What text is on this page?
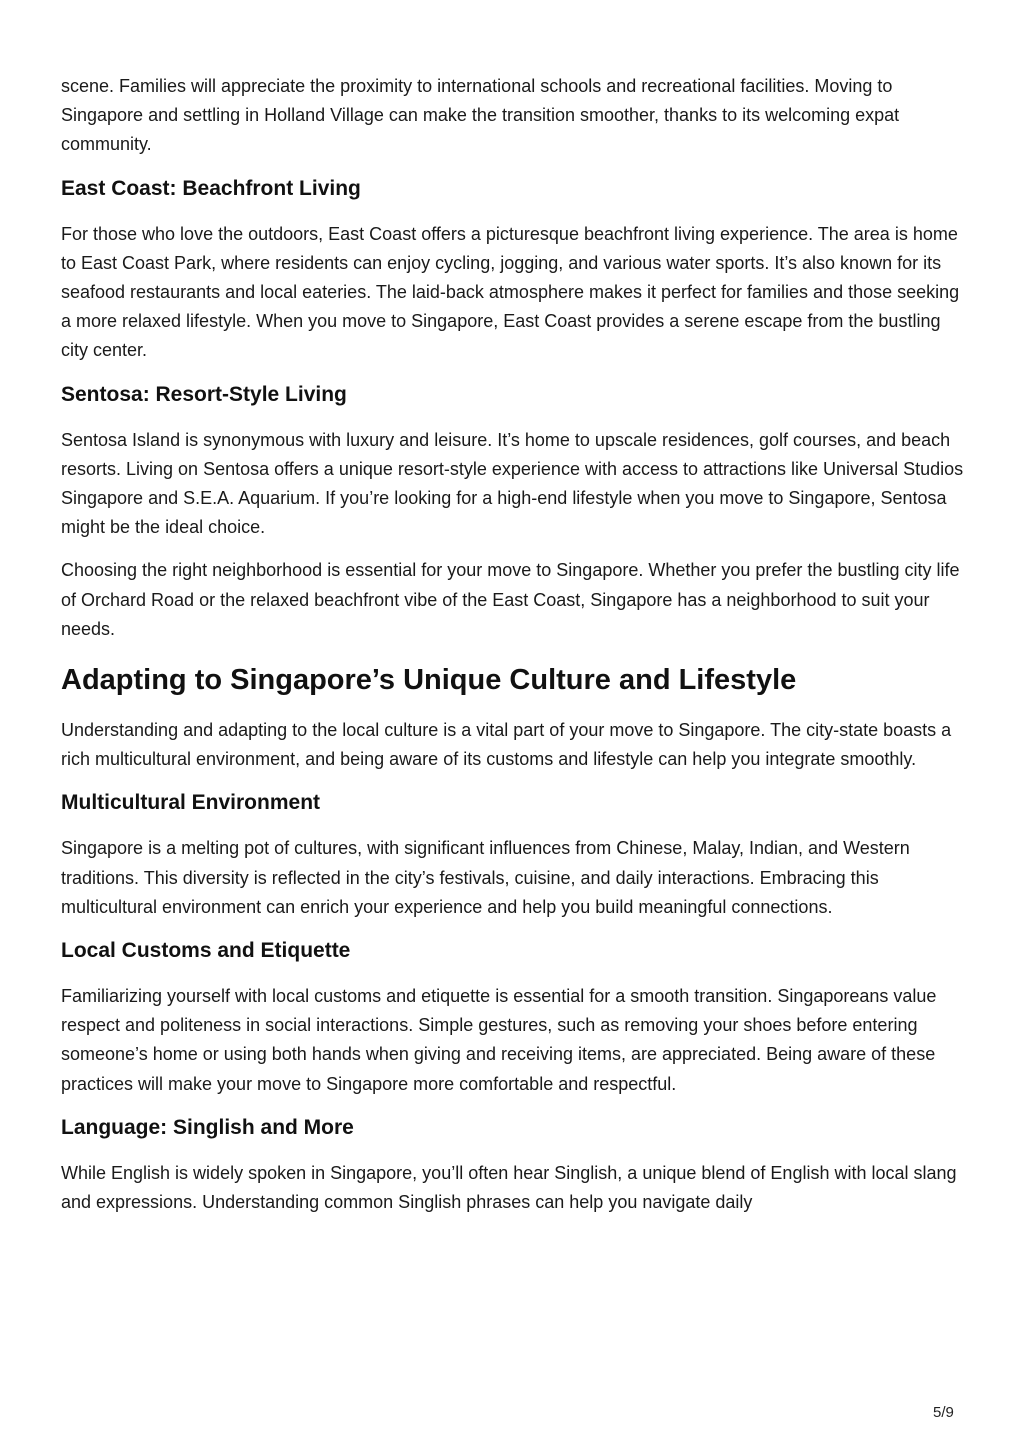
scene. Families will appreciate the proximity to international schools and recreational facilities. Moving to Singapore and settling in Holland Village can make the transition smoother, thanks to its welcoming expat community.

East Coast: Beachfront Living

For those who love the outdoors, East Coast offers a picturesque beachfront living experience. The area is home to East Coast Park, where residents can enjoy cycling, jogging, and various water sports. It’s also known for its seafood restaurants and local eateries. The laid-back atmosphere makes it perfect for families and those seeking a more relaxed lifestyle. When you move to Singapore, East Coast provides a serene escape from the bustling city center.

Sentosa: Resort-Style Living

Sentosa Island is synonymous with luxury and leisure. It’s home to upscale residences, golf courses, and beach resorts. Living on Sentosa offers a unique resort-style experience with access to attractions like Universal Studios Singapore and S.E.A. Aquarium. If you’re looking for a high-end lifestyle when you move to Singapore, Sentosa might be the ideal choice.

Choosing the right neighborhood is essential for your move to Singapore. Whether you prefer the bustling city life of Orchard Road or the relaxed beachfront vibe of the East Coast, Singapore has a neighborhood to suit your needs.

Adapting to Singapore’s Unique Culture and Lifestyle

Understanding and adapting to the local culture is a vital part of your move to Singapore. The city-state boasts a rich multicultural environment, and being aware of its customs and lifestyle can help you integrate smoothly.

Multicultural Environment

Singapore is a melting pot of cultures, with significant influences from Chinese, Malay, Indian, and Western traditions. This diversity is reflected in the city’s festivals, cuisine, and daily interactions. Embracing this multicultural environment can enrich your experience and help you build meaningful connections.

Local Customs and Etiquette

Familiarizing yourself with local customs and etiquette is essential for a smooth transition. Singaporeans value respect and politeness in social interactions. Simple gestures, such as removing your shoes before entering someone’s home or using both hands when giving and receiving items, are appreciated. Being aware of these practices will make your move to Singapore more comfortable and respectful.

Language: Singlish and More

While English is widely spoken in Singapore, you’ll often hear Singlish, a unique blend of English with local slang and expressions. Understanding common Singlish phrases can help you navigate daily

5/9
